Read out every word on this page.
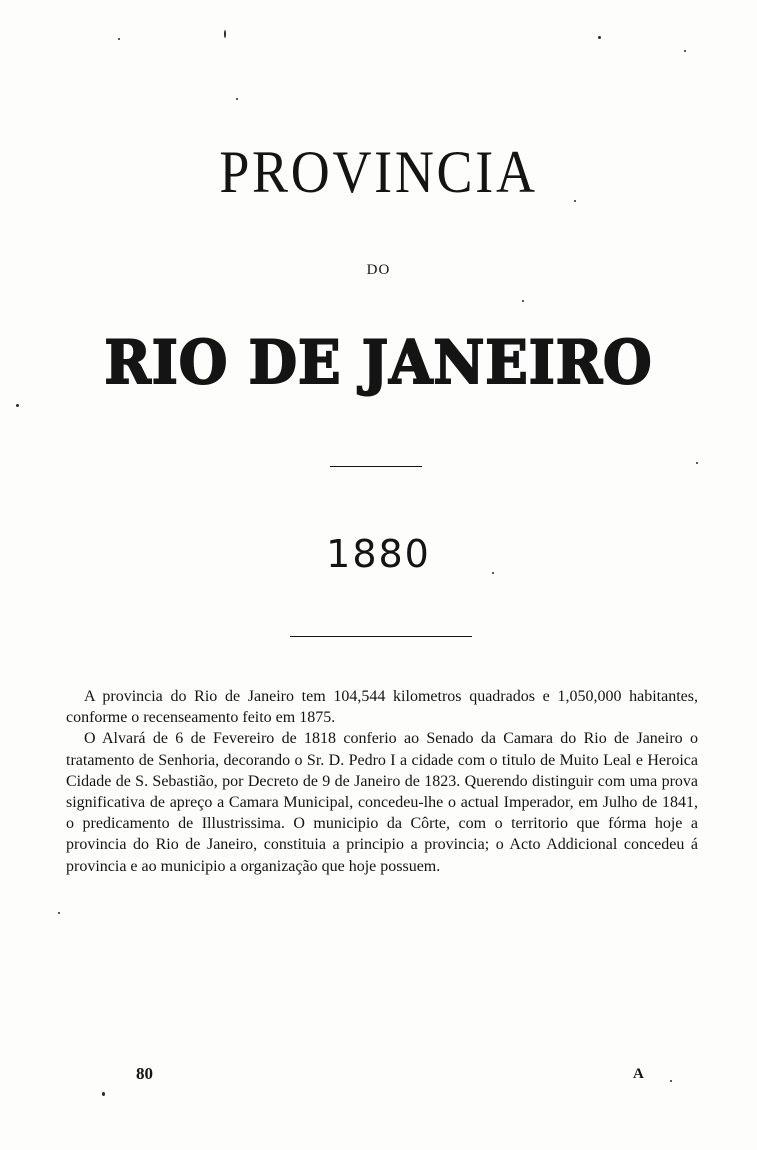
PROVINCIA
DO
RIO DE JANEIRO
1880

A provincia do Rio de Janeiro tem 104,544 kilometros quadrados e 1,050,000 habitantes, conforme o recenseamento feito em 1875.

O Alvará de 6 de Fevereiro de 1818 conferio ao Senado da Camara do Rio de Janeiro o tratamento de Senhoria, decorando o Sr. D. Pedro I a cidade com o titulo de Muito Leal e Heroica Cidade de S. Sebastião, por Decreto de 9 de Janeiro de 1823. Querendo distinguir com uma prova significativa de apreço a Camara Municipal, concedeu-lhe o actual Imperador, em Julho de 1841, o predicamento de Illustrissima. O municipio da Côrte, com o territorio que fórma hoje a provincia do Rio de Janeiro, constituia a principio a provincia; o Acto Addicional concedeu á provincia e ao municipio a organização que hoje possuem.

80	A
